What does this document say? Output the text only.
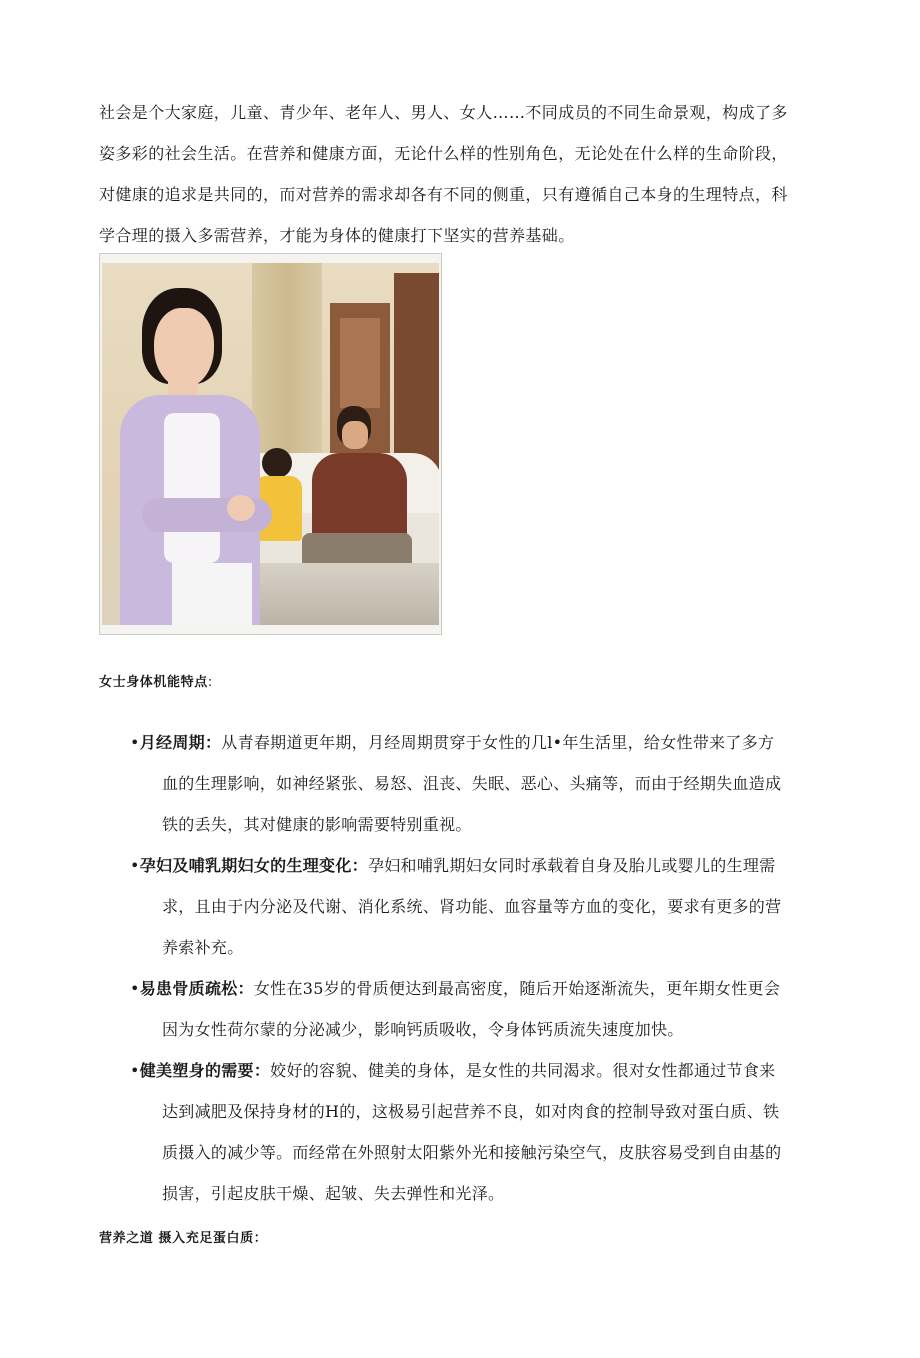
社会是个大家庭，儿童、青少年、老年人、男人、女人……不同成员的不同生命景观，构成了多姿多彩的社会生活。在营养和健康方面，无论什么样的性别角色，无论处在什么样的生命阶段，对健康的追求是共同的，而对营养的需求却各有不同的侧重，只有遵循自己本身的生理特点，科学合理的摄入多需营养，才能为身体的健康打下坚实的营养基础。

女士身体机能特点:

•月经周期：从青春期道更年期，月经周期贯穿于女性的几l•年生活里，给女性带来了多方血的生理影响，如神经紧张、易怒、沮丧、失眠、恶心、头痛等，而由于经期失血造成铁的丢失，其对健康的影响需要特别重视。
•孕妇及哺乳期妇女的生理变化：孕妇和哺乳期妇女同时承载着自身及胎儿或婴儿的生理需求，且由于内分泌及代谢、消化系统、肾功能、血容量等方血的变化，要求有更多的营养索补充。
•易患骨质疏松：女性在35岁的骨质便达到最高密度，随后开始逐渐流失，更年期女性更会因为女性荷尔蒙的分泌减少，影响钙质吸收，令身体钙质流失速度加快。
•健美塑身的需要：姣好的容貌、健美的身体，是女性的共同渴求。很对女性都通过节食来达到减肥及保持身材的H的，这极易引起营养不良，如对肉食的控制导致对蛋白质、铁质摄入的减少等。而经常在外照射太阳紫外光和接触污染空气，皮肤容易受到自由基的损害，引起皮肤干燥、起皱、失去弹性和光泽。

营养之道 摄入充足蛋白质：
